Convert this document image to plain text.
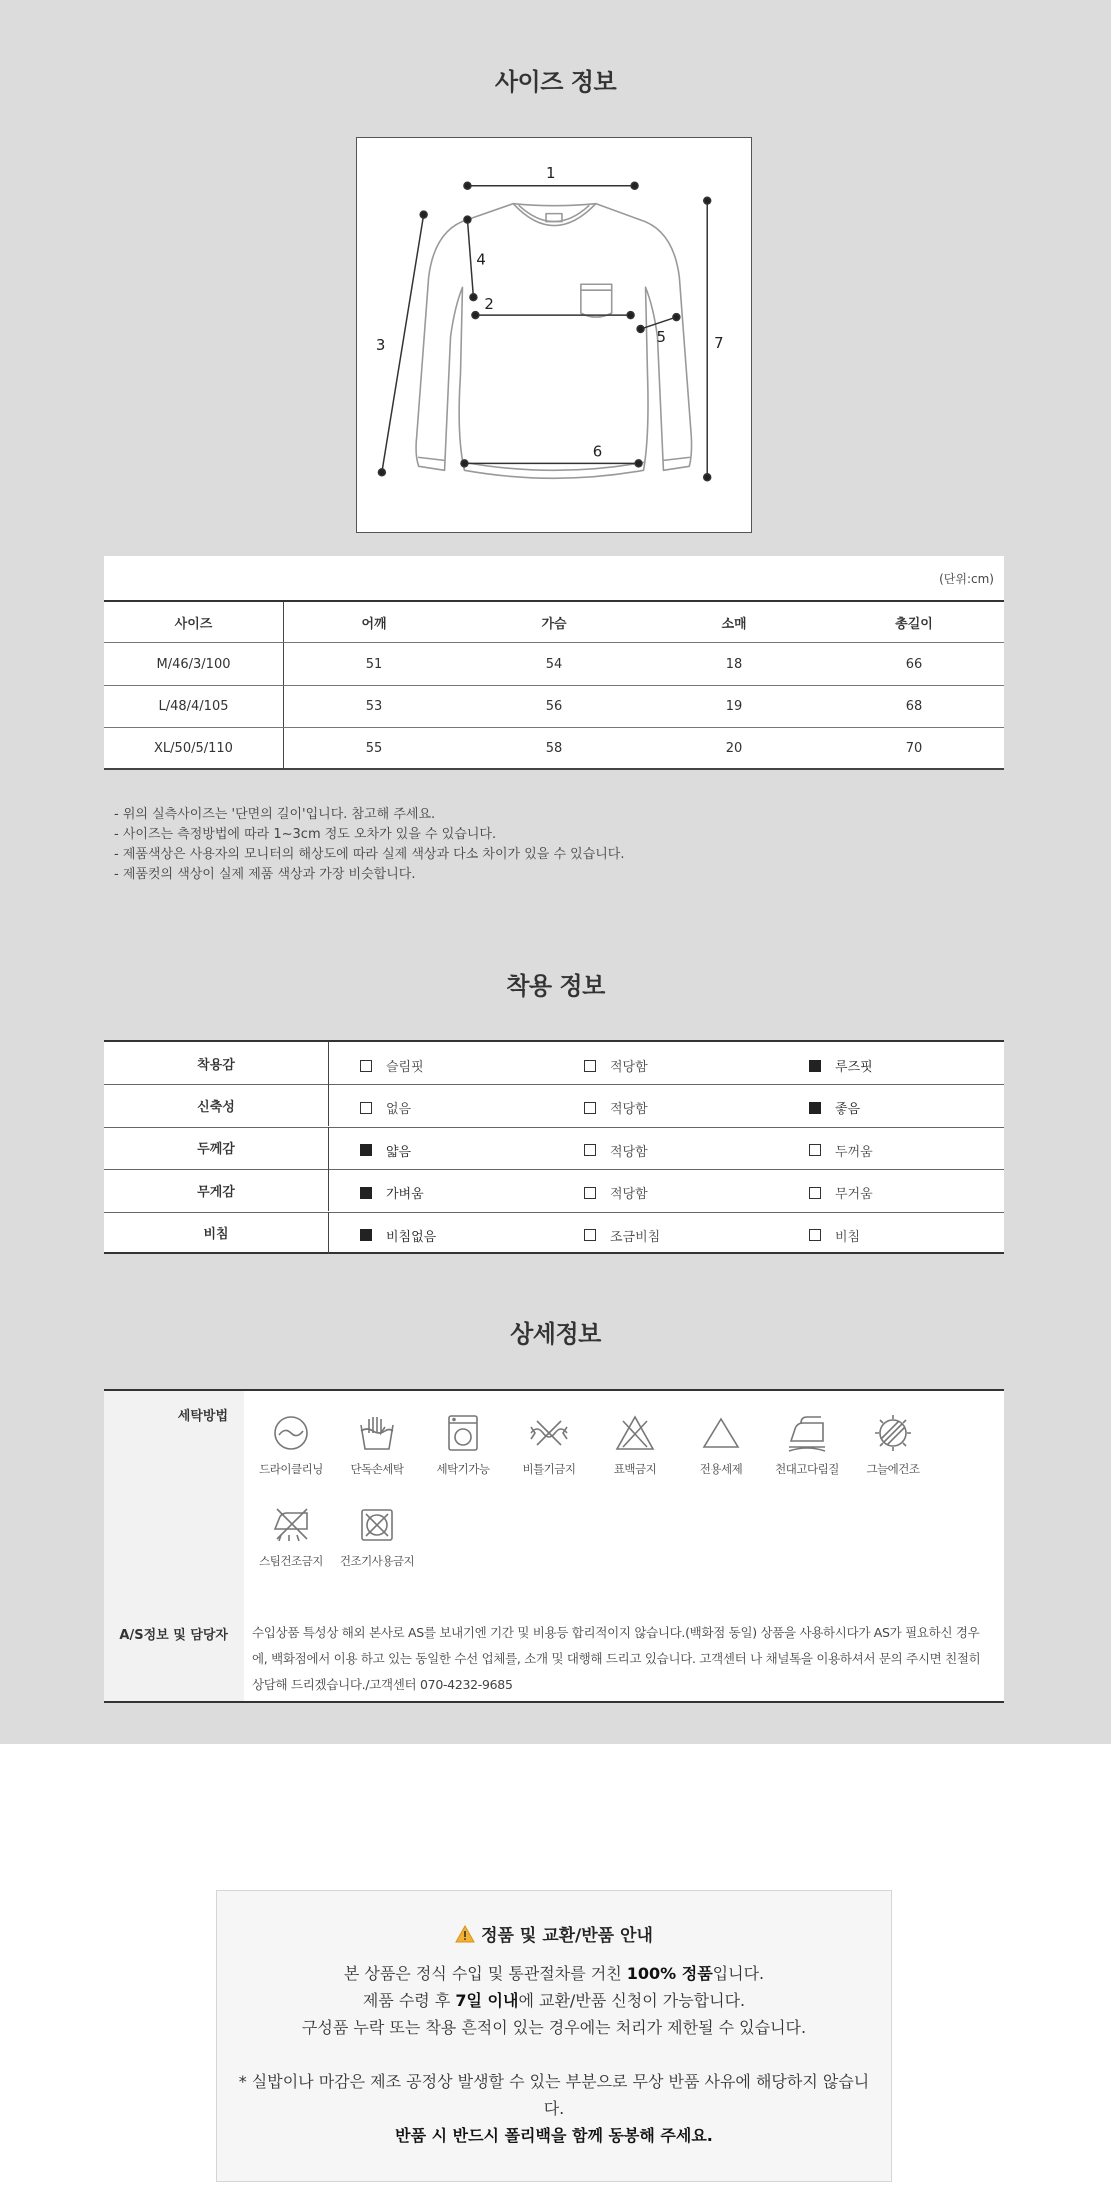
사이즈 정보
1
2
3
4
5
6
7
(단위:cm)
사이즈	어깨	가슴	소매	총길이
M/46/3/100	51	54	18	66
L/48/4/105	53	56	19	68
XL/50/5/110	55	58	20	70
- 위의 실측사이즈는 '단면의 길이'입니다. 참고해 주세요.
- 사이즈는 측정방법에 따라 1~3cm 정도 오차가 있을 수 있습니다.
- 제품색상은 사용자의 모니터의 해상도에 따라 실제 색상과 다소 차이가 있을 수 있습니다.
- 제품컷의 색상이 실제 제품 색상과 가장 비슷합니다.
착용 정보
착용감	슬림핏	적당함	루즈핏
신축성	없음	적당함	좋음
두께감	얇음	적당함	두꺼움
무게감	가벼움	적당함	무거움
비침	비침없음	조금비침	비침
상세정보
세탁방법
A/S정보 및 담당자
드라이클리닝	단독손세탁	세탁기가능	비틀기금지	표백금지	전용세제	천대고다림질	그늘에건조
스팀건조금지	건조기사용금지
수입상품 특성상 해외 본사로 AS를 보내기엔 기간 및 비용등 합리적이지 않습니다.(백화점 동일) 상품을 사용하시다가 AS가 필요하신 경우에, 백화점에서 이용 하고 있는 동일한 수선 업체를, 소개 및 대행해 드리고 있습니다. 고객센터 나 채널톡을 이용하셔서 문의 주시면 친절히 상담해 드리겠습니다./고객센터 070-4232-9685
정품 및 교환/반품 안내
본 상품은 정식 수입 및 통관절차를 거친 100% 정품입니다.
제품 수령 후 7일 이내에 교환/반품 신청이 가능합니다.
구성품 누락 또는 착용 흔적이 있는 경우에는 처리가 제한될 수 있습니다.
* 실밥이나 마감은 제조 공정상 발생할 수 있는 부분으로 무상 반품 사유에 해당하지 않습니
다.
반품 시 반드시 폴리백을 함께 동봉해 주세요.
